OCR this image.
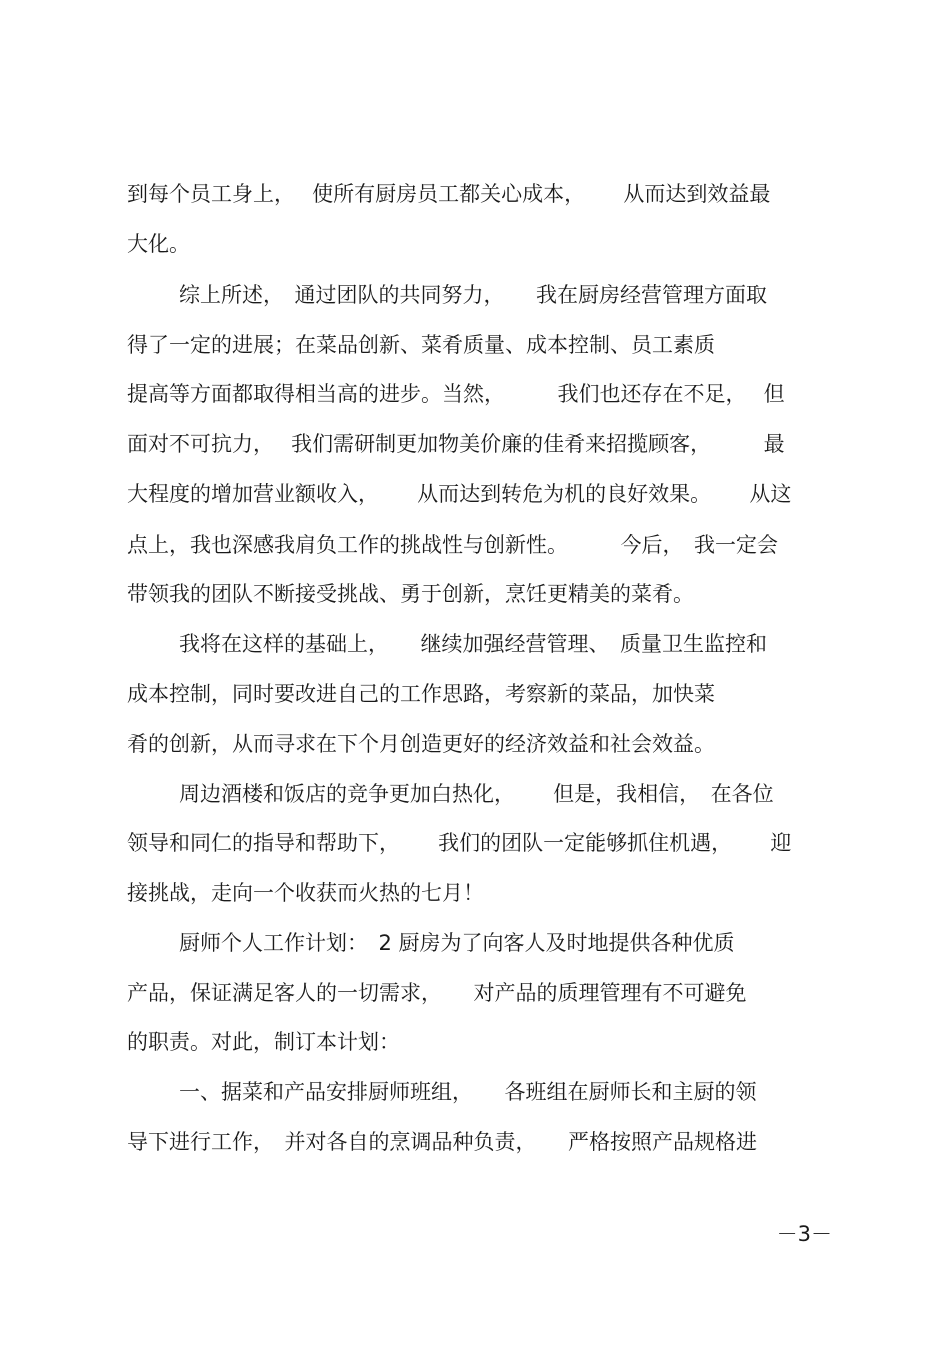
到每个员工身上，　 使所有厨房员工都关心成本，　　 从而达到效益最
大化。
综上所述，　通过团队的共同努力，　　我在厨房经营管理方面取
得了一定的进展；在菜品创新、菜肴质量、成本控制、员工素质
提高等方面都取得相当高的进步。当然，　　　我们也还存在不足，　 但
面对不可抗力，　 我们需研制更加物美价廉的佳肴来招揽顾客，　　　最
大程度的增加营业额收入，　　 从而达到转危为机的良好效果。　　 从这
点上，我也深感我肩负工作的挑战性与创新性。　　　今后，　我一定会
带领我的团队不断接受挑战、勇于创新，烹饪更精美的菜肴。
我将在这样的基础上，　　继续加强经营管理、　质量卫生监控和
成本控制，同时要改进自己的工作思路，考察新的菜品，加快菜
肴的创新，从而寻求在下个月创造更好的经济效益和社会效益。
周边酒楼和饭店的竞争更加白热化，　　 但是，我相信，　在各位
领导和同仁的指导和帮助下，　　 我们的团队一定能够抓住机遇，　　 迎
接挑战，走向一个收获而火热的七月！
厨师个人工作计划：　2 厨房为了向客人及时地提供各种优质
产品，保证满足客人的一切需求，　　对产品的质理管理有不可避免
的职责。对此，制订本计划：
一、据菜和产品安排厨师班组，　　各班组在厨师长和主厨的领
导下进行工作，　并对各自的烹调品种负责，　　严格按照产品规格进
－3－
